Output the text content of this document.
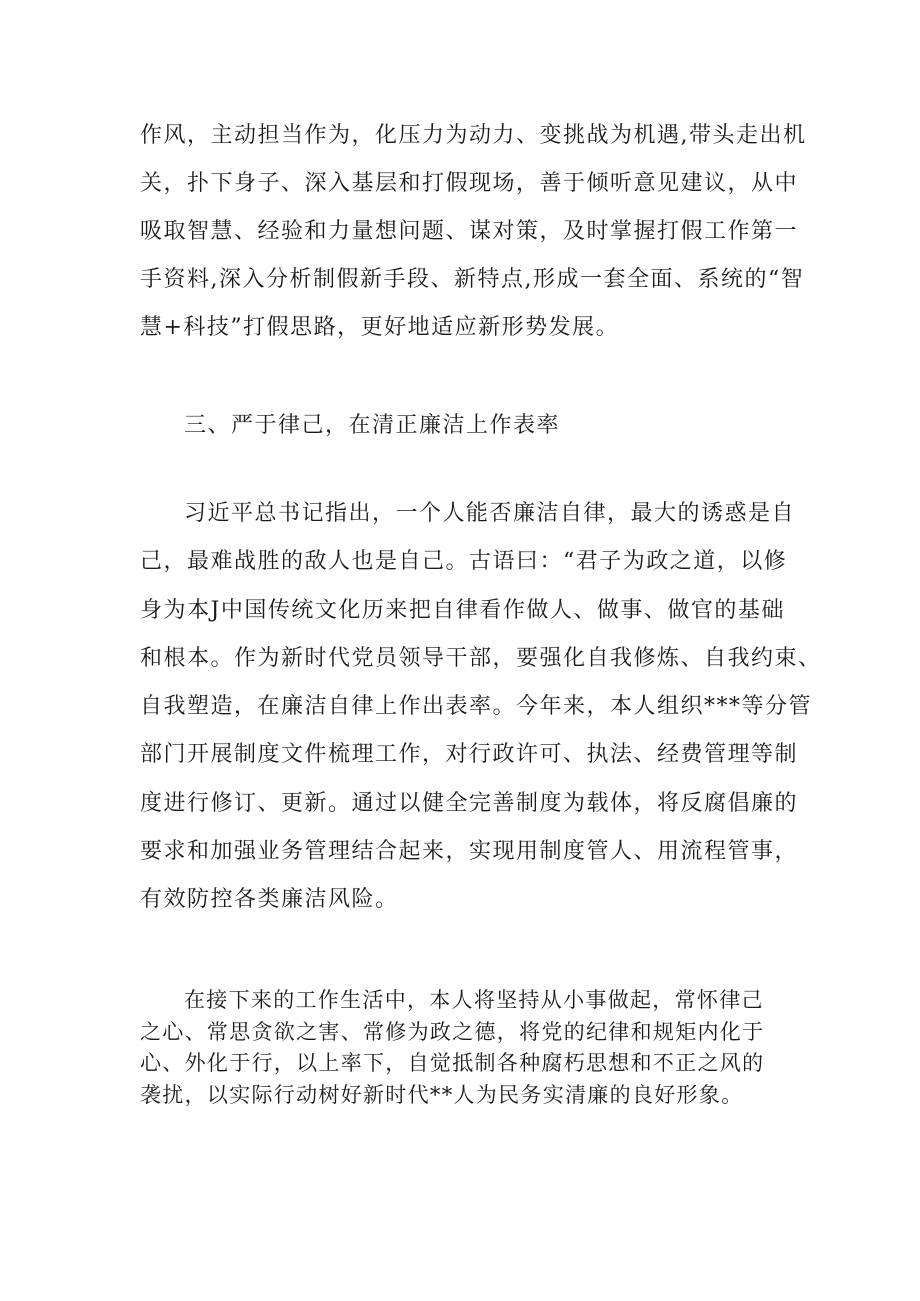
作风，主动担当作为，化压力为动力、变挑战为机遇,带头走出机
关，扑下身子、深入基层和打假现场，善于倾听意见建议，从中
吸取智慧、经验和力量想问题、谋对策，及时掌握打假工作第一
手资料,深入分析制假新手段、新特点,形成一套全面、系统的“智
慧+科技”打假思路，更好地适应新形势发展。
三、严于律己，在清正廉洁上作表率
习近平总书记指出，一个人能否廉洁自律，最大的诱惑是自
己，最难战胜的敌人也是自己。古语曰：“君子为政之道，以修
身为本J中国传统文化历来把自律看作做人、做事、做官的基础
和根本。作为新时代党员领导干部，要强化自我修炼、自我约束、
自我塑造，在廉洁自律上作出表率。今年来，本人组织***等分管
部门开展制度文件梳理工作，对行政许可、执法、经费管理等制
度进行修订、更新。通过以健全完善制度为载体，将反腐倡廉的
要求和加强业务管理结合起来，实现用制度管人、用流程管事，
有效防控各类廉洁风险。
在接下来的工作生活中，本人将坚持从小事做起，常怀律己
之心、常思贪欲之害、常修为政之德，将党的纪律和规矩内化于
心、外化于行，以上率下，自觉抵制各种腐朽思想和不正之风的
袭扰，以实际行动树好新时代**人为民务实清廉的良好形象。
